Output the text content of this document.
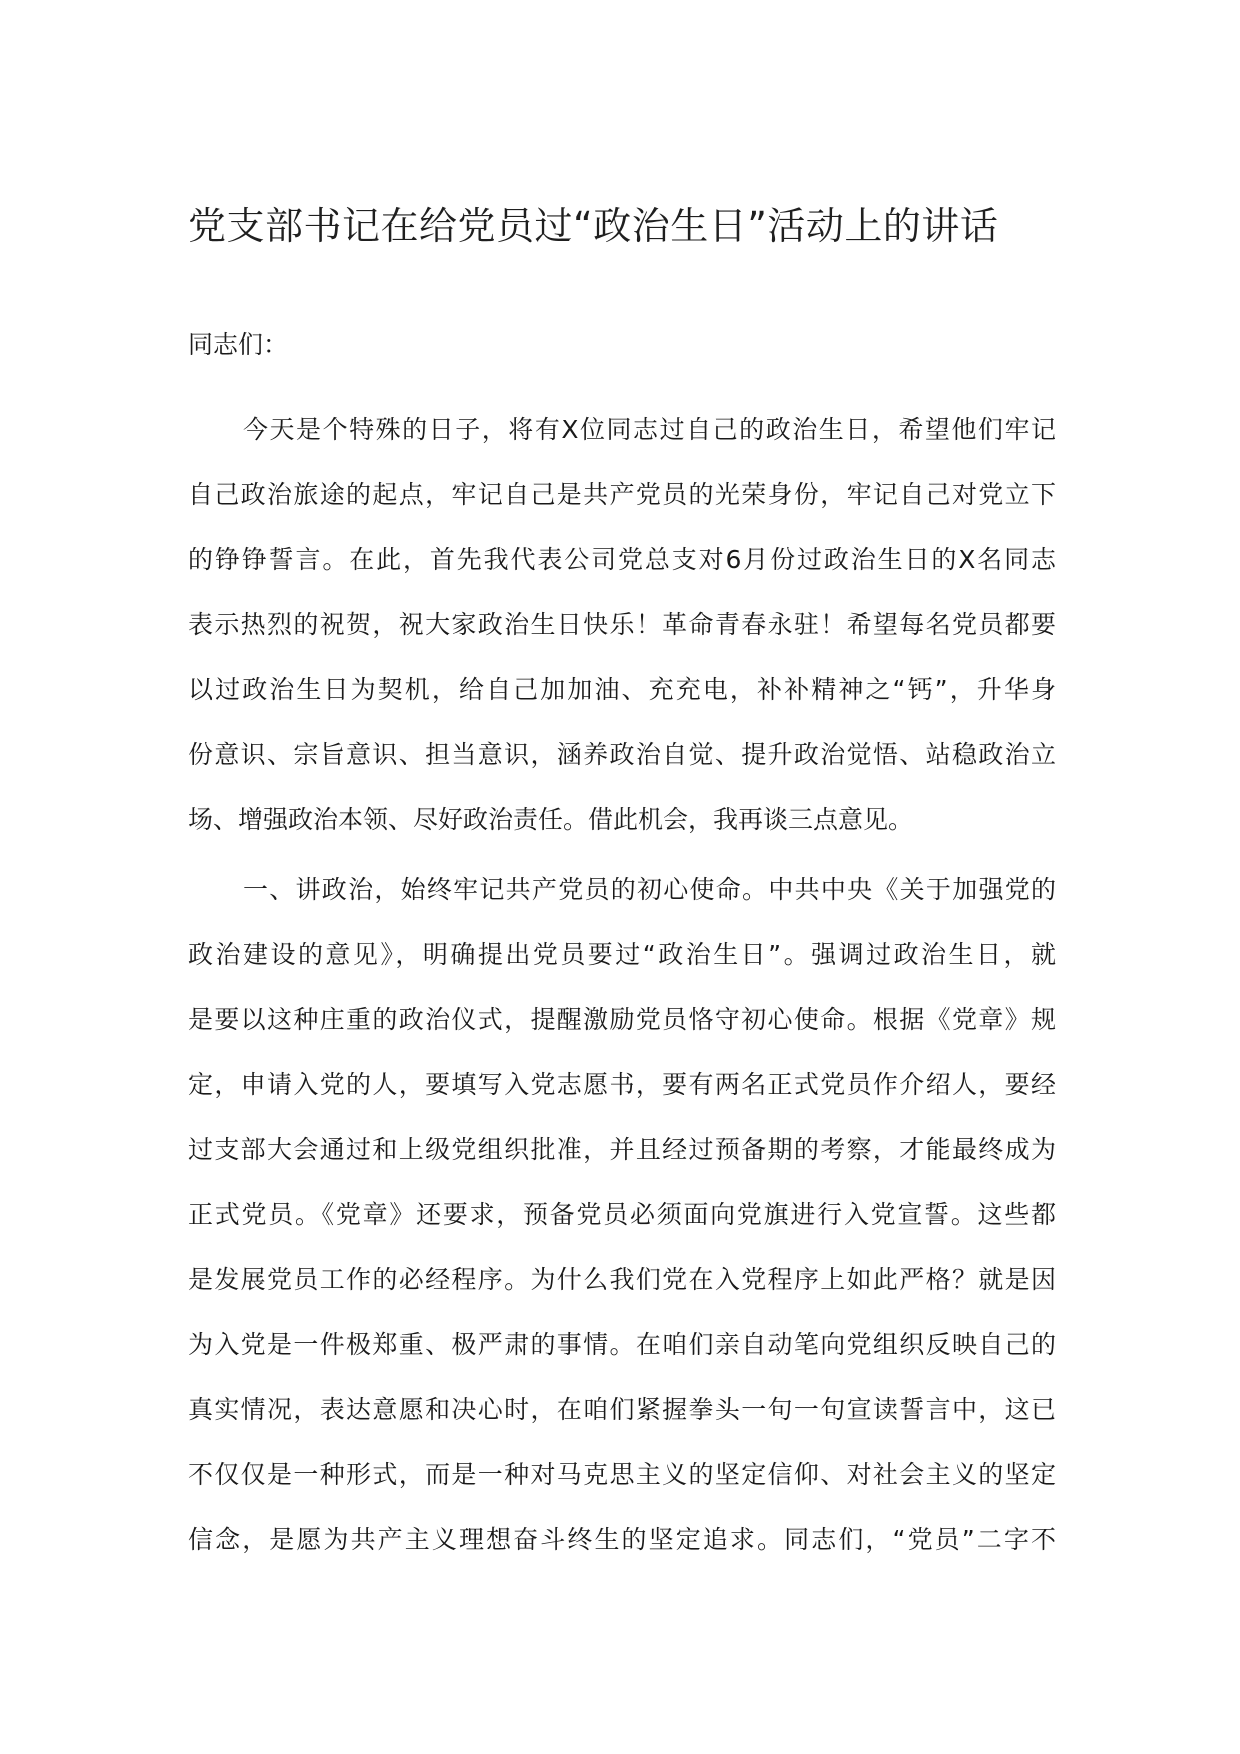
党支部书记在给党员过“政治生日”活动上的讲话

同志们：

今天是个特殊的日子，将有X位同志过自己的政治生日，希望他们牢记

自己政治旅途的起点，牢记自己是共产党员的光荣身份，牢记自己对党立下

的铮铮誓言。在此，首先我代表公司党总支对6月份过政治生日的X名同志

表示热烈的祝贺，祝大家政治生日快乐！革命青春永驻！希望每名党员都要

以过政治生日为契机，给自己加加油、充充电，补补精神之“钙”，升华身

份意识、宗旨意识、担当意识，涵养政治自觉、提升政治觉悟、站稳政治立

场、增强政治本领、尽好政治责任。借此机会，我再谈三点意见。

一、讲政治，始终牢记共产党员的初心使命。中共中央《关于加强党的

政治建设的意见》，明确提出党员要过“政治生日”。强调过政治生日，就

是要以这种庄重的政治仪式，提醒激励党员恪守初心使命。根据《党章》规

定，申请入党的人，要填写入党志愿书，要有两名正式党员作介绍人，要经

过支部大会通过和上级党组织批准，并且经过预备期的考察，才能最终成为

正式党员。《党章》还要求，预备党员必须面向党旗进行入党宣誓。这些都

是发展党员工作的必经程序。为什么我们党在入党程序上如此严格？就是因

为入党是一件极郑重、极严肃的事情。在咱们亲自动笔向党组织反映自己的

真实情况，表达意愿和决心时，在咱们紧握拳头一句一句宣读誓言中，这已

不仅仅是一种形式，而是一种对马克思主义的坚定信仰、对社会主义的坚定

信念，是愿为共产主义理想奋斗终生的坚定追求。同志们，“党员”二字不
